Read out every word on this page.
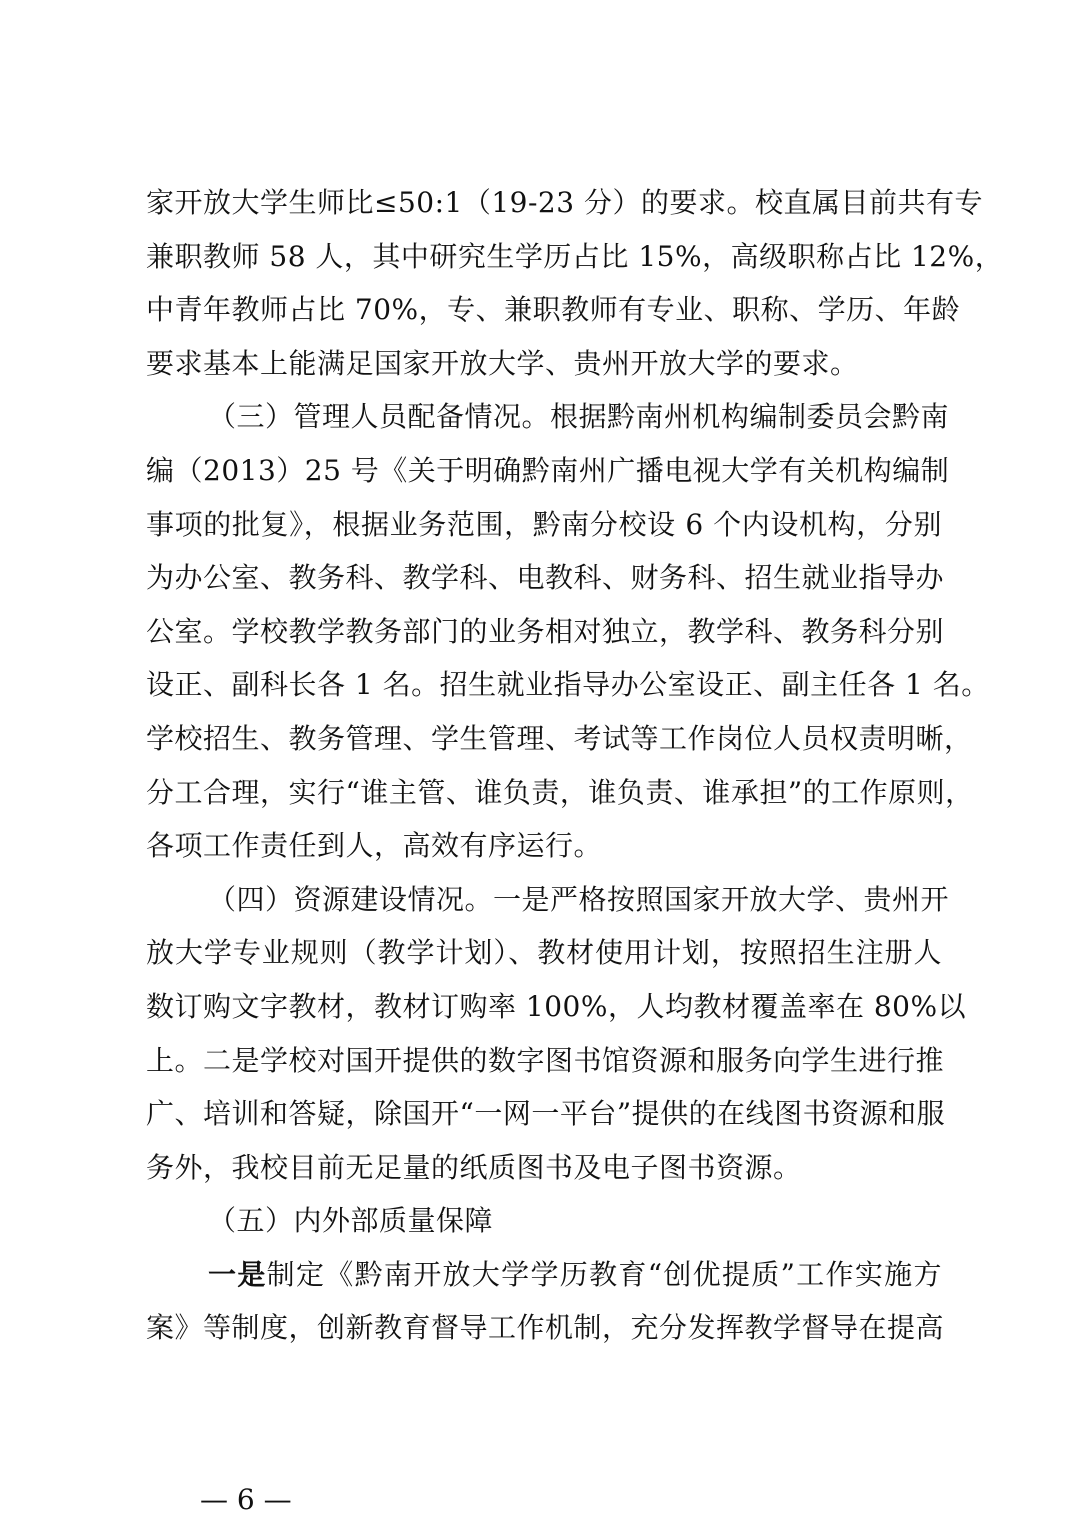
家开放大学生师比≤50:1（19-23 分）的要求。校直属目前共有专
兼职教师 58 人，其中研究生学历占比 15%，高级职称占比 12%，
中青年教师占比 70%，专、兼职教师有专业、职称、学历、年龄
要求基本上能满足国家开放大学、贵州开放大学的要求。
（三）管理人员配备情况。根据黔南州机构编制委员会黔南
编（2013）25 号《关于明确黔南州广播电视大学有关机构编制
事项的批复》，根据业务范围，黔南分校设 6 个内设机构，分别
为办公室、教务科、教学科、电教科、财务科、招生就业指导办
公室。学校教学教务部门的业务相对独立，教学科、教务科分别
设正、副科长各 1 名。招生就业指导办公室设正、副主任各 1 名。
学校招生、教务管理、学生管理、考试等工作岗位人员权责明晰，
分工合理，实行“谁主管、谁负责，谁负责、谁承担”的工作原则，
各项工作责任到人，高效有序运行。
（四）资源建设情况。一是严格按照国家开放大学、贵州开
放大学专业规则（教学计划）、教材使用计划，按照招生注册人
数订购文字教材，教材订购率 100%，人均教材覆盖率在 80%以
上。二是学校对国开提供的数字图书馆资源和服务向学生进行推
广、培训和答疑，除国开“一网一平台”提供的在线图书资源和服
务外，我校目前无足量的纸质图书及电子图书资源。
（五）内外部质量保障
一是制定《黔南开放大学学历教育“创优提质”工作实施方
案》等制度，创新教育督导工作机制，充分发挥教学督导在提高
— 6 —
